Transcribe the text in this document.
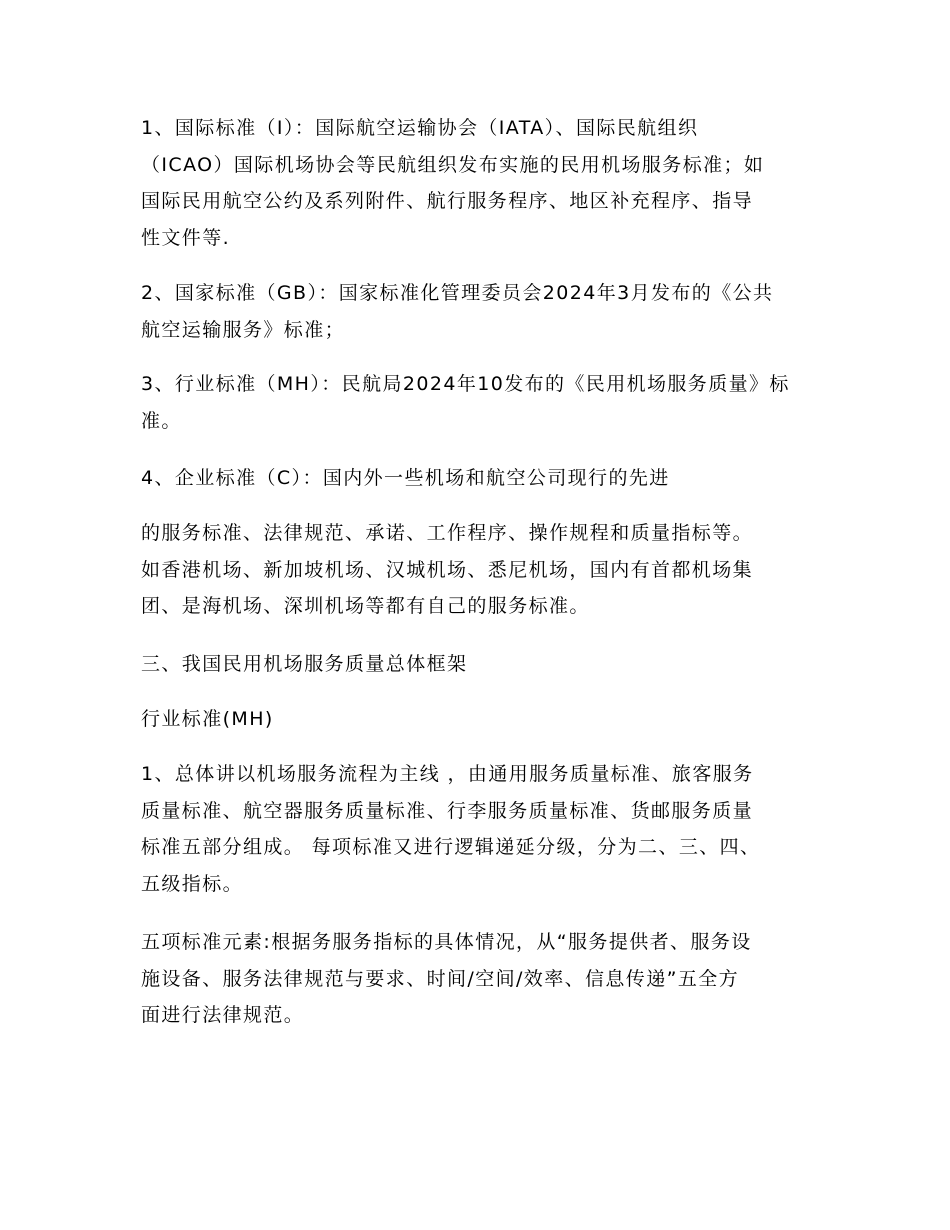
1、国际标准（I）：国际航空运输协会（IATA）、国际民航组织
（ICAO）国际机场协会等民航组织发布实施的民用机场服务标准；如
国际民用航空公约及系列附件、航行服务程序、地区补充程序、指导
性文件等.

2、国家标准（GB）：国家标准化管理委员会2024年3月发布的《公共
航空运输服务》标准；

3、行业标准（MH）：民航局2024年10发布的《民用机场服务质量》标
准。

4、企业标准（C）：国内外一些机场和航空公司现行的先进

的服务标准、法律规范、承诺、工作程序、操作规程和质量指标等。
如香港机场、新加坡机场、汉城机场、悉尼机场，国内有首都机场集
团、是海机场、深圳机场等都有自己的服务标准。

三、我国民用机场服务质量总体框架

行业标准(MH)

1、总体讲以机场服务流程为主线 ，由通用服务质量标准、旅客服务
质量标准、航空器服务质量标准、行李服务质量标准、货邮服务质量
标准五部分组成。 每项标准又进行逻辑递延分级，分为二、三、四、
五级指标。

五项标准元素:根据务服务指标的具体情况，从“服务提供者、服务设
施设备、服务法律规范与要求、时间/空间/效率、信息传递”五全方
面进行法律规范。
